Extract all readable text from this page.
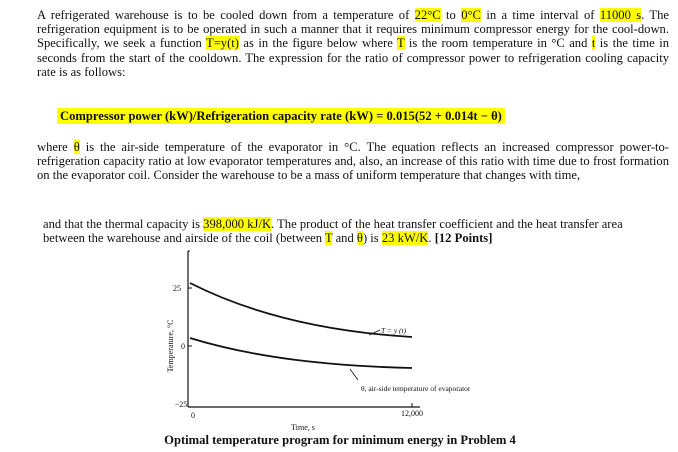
A refrigerated warehouse is to be cooled down from a temperature of 22°C to 0°C in a time interval of 11000 s. The refrigeration equipment is to be operated in such a manner that it requires minimum compressor energy for the cool-down. Specifically, we seek a function T=y(t) as in the figure below where T is the room temperature in °C and t is the time in seconds from the start of the cooldown. The expression for the ratio of compressor power to refrigeration cooling capacity rate is as follows:

Compressor power (kW)/Refrigeration capacity rate (kW) = 0.015(52 + 0.014t − θ)

where θ is the air-side temperature of the evaporator in °C. The equation reflects an increased compressor power-to-refrigeration capacity ratio at low evaporator temperatures and, also, an increase of this ratio with time due to frost formation on the evaporator coil. Consider the warehouse to be a mass of uniform temperature that changes with time,

and that the thermal capacity is 398,000 kJ/K. The product of the heat transfer coefficient and the heat transfer area between the warehouse and airside of the coil (between T and θ) is 23 kW/K. [12 Points]

25
0
−25
0	12,000
Temperature, °C
Time, s
T = y (t)
θ, air-side temperature of evaporator

Optimal temperature program for minimum energy in Problem 4
